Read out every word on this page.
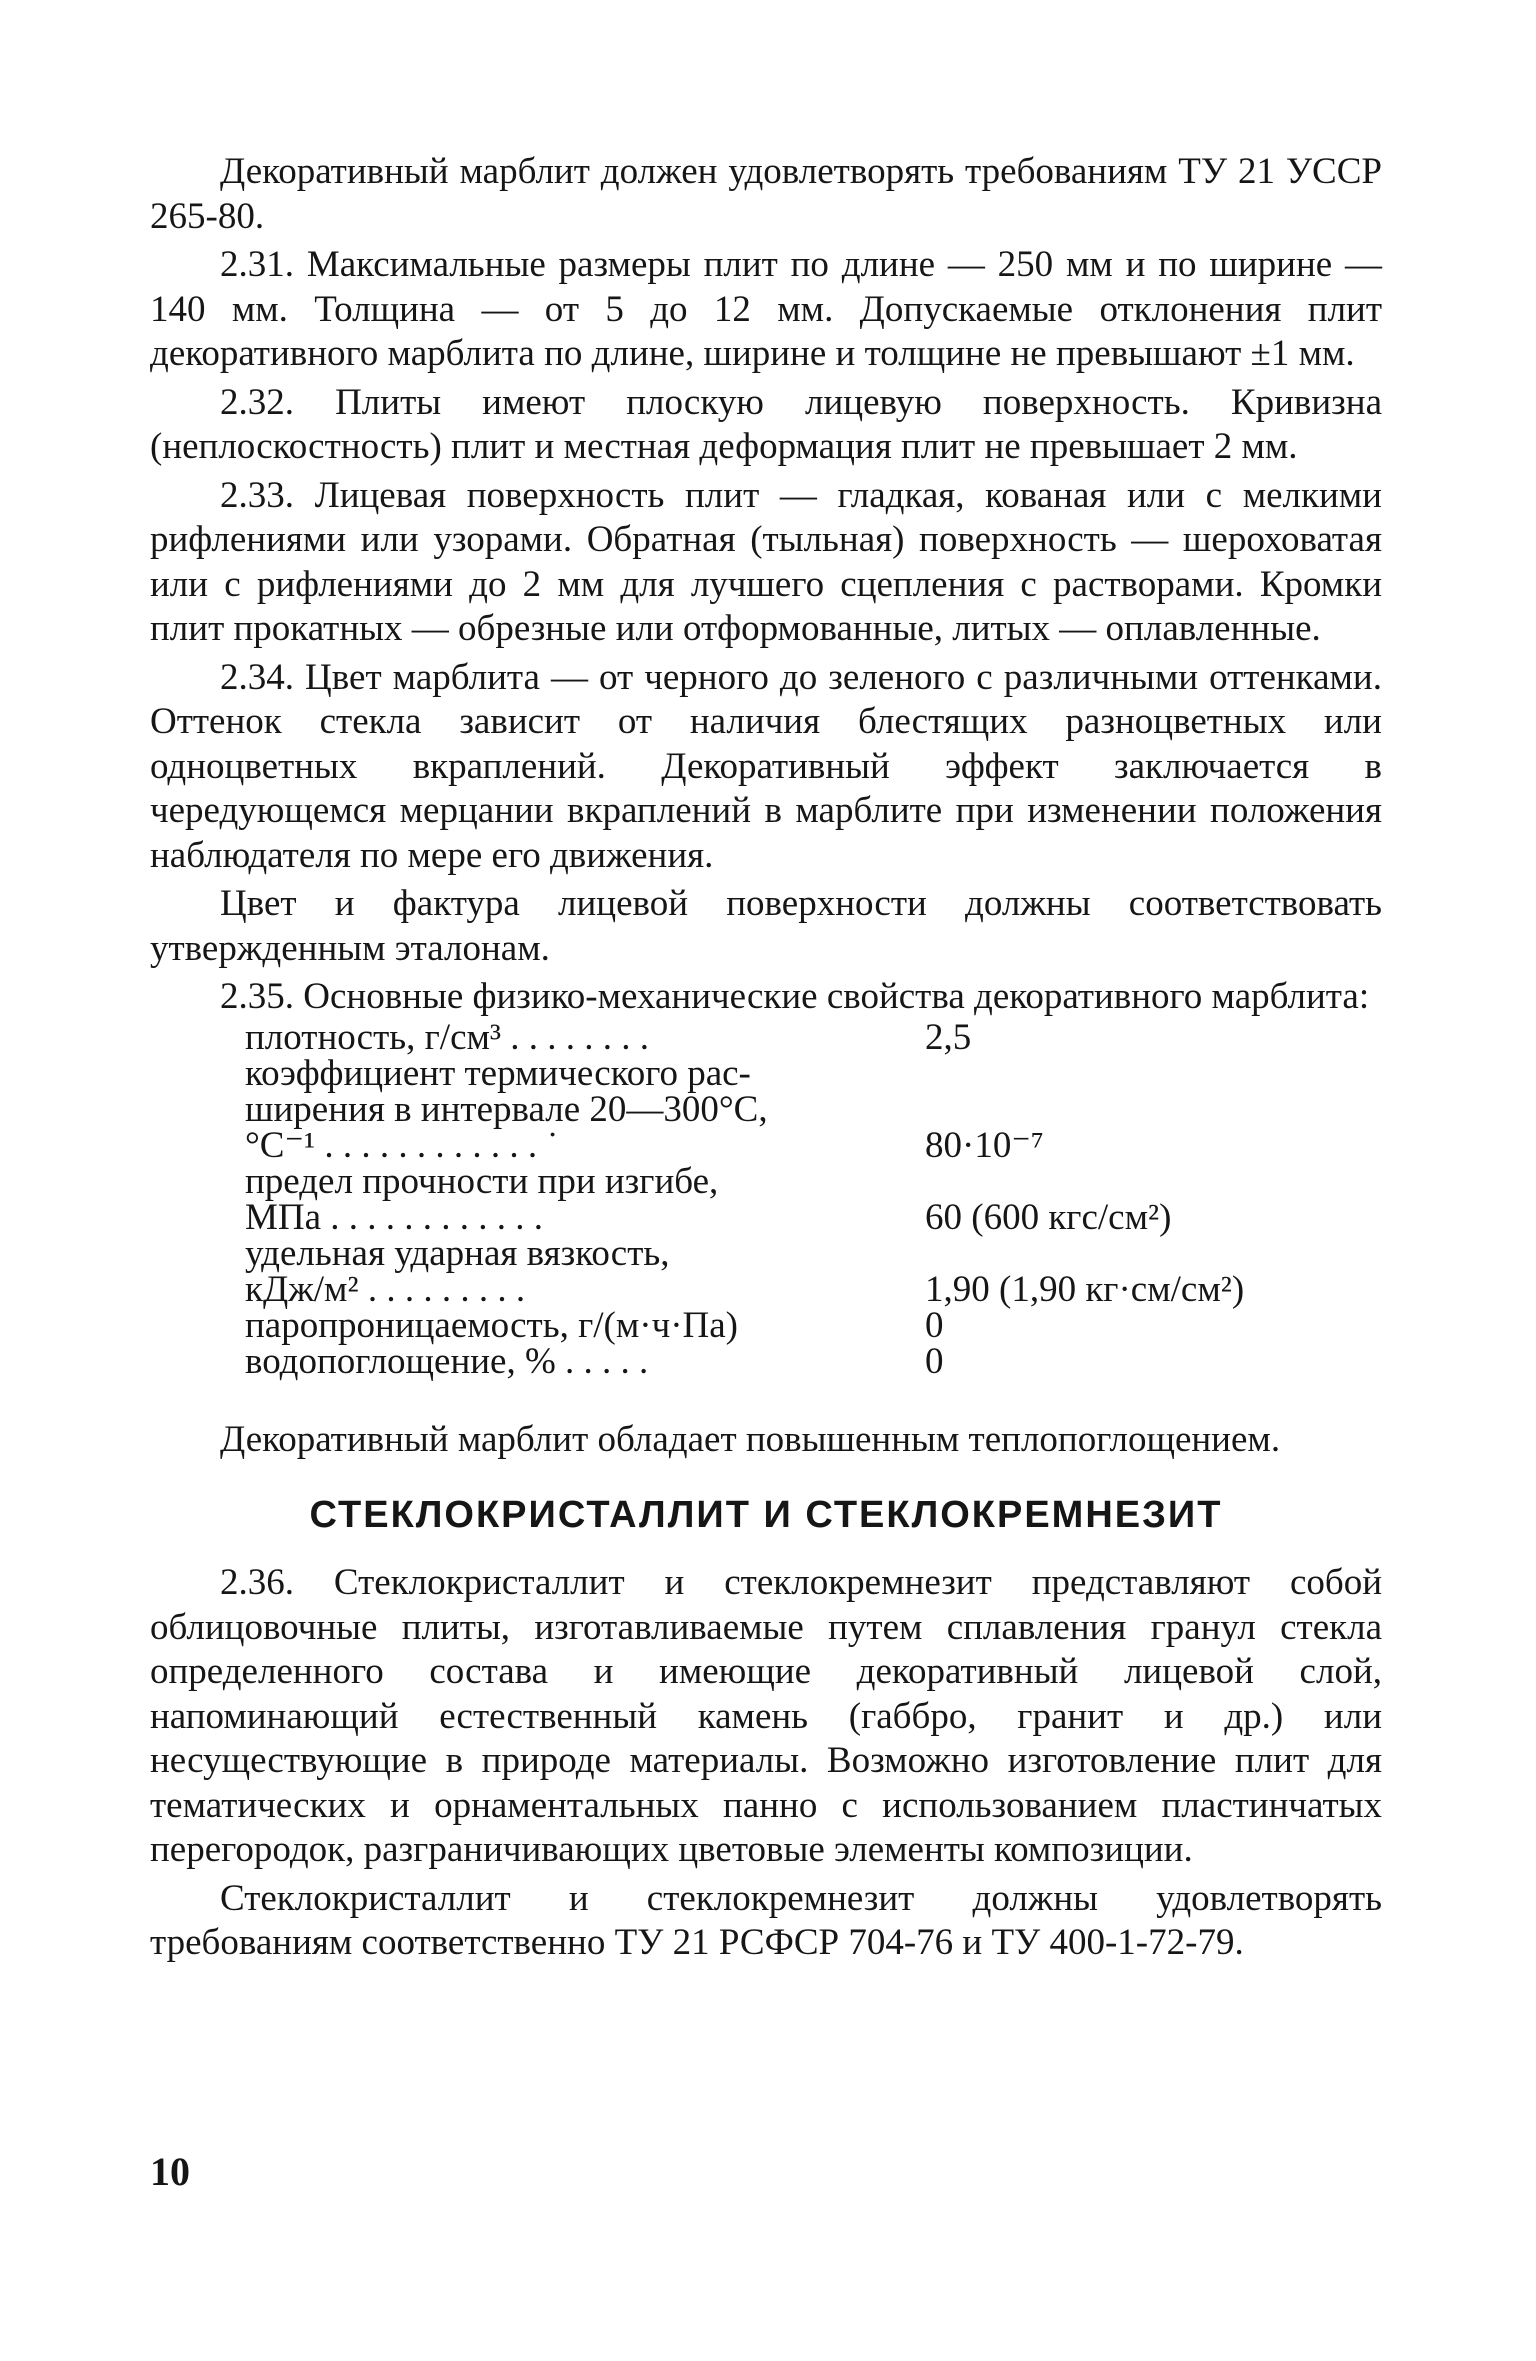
Декоративный марблит должен удовлетворять требованиям ТУ 21 УССР 265-80.

2.31. Максимальные размеры плит по длине — 250 мм и по ширине — 140 мм. Толщина — от 5 до 12 мм. Допускаемые отклонения плит декоративного марблита по длине, ширине и толщине не превышают ±1 мм.

2.32. Плиты имеют плоскую лицевую поверхность. Кривизна (неплоскостность) плит и местная деформация плит не превышает 2 мм.

2.33. Лицевая поверхность плит — гладкая, кованая или с мелкими рифлениями или узорами. Обратная (тыльная) поверхность — шероховатая или с рифлениями до 2 мм для лучшего сцепления с растворами. Кромки плит прокатных — обрезные или отформованные, литых — оплавленные.

2.34. Цвет марблита — от черного до зеленого с различными оттенками. Оттенок стекла зависит от наличия блестящих разноцветных или одноцветных вкраплений. Декоративный эффект заключается в чередующемся мерцании вкраплений в марблите при изменении положения наблюдателя по мере его движения.

Цвет и фактура лицевой поверхности должны соответствовать утвержденным эталонам.

2.35. Основные физико-механические свойства декоративного марблита:

плотность, г/см³ . . . . . . . .	2,5
коэффициент термического рас-
ширения в интервале 20—300°С,
°С⁻¹ . . . . . . . . . . . . ˙	80·10⁻⁷
предел прочности при изгибе,
МПа . . . . . . . . . . . .	60 (600 кгс/см²)
удельная ударная вязкость,
кДж/м² . . . . . . . . .	1,90 (1,90 кг·см/см²)
паропроницаемость, г/(м·ч·Па)	0
водопоглощение, % . . . . .	0

Декоративный марблит обладает повышенным теплопоглощением.

СТЕКЛОКРИСТАЛЛИТ И СТЕКЛОКРЕМНЕЗИТ

2.36. Стеклокристаллит и стеклокремнезит представляют собой облицовочные плиты, изготавливаемые путем сплавления гранул стекла определенного состава и имеющие декоративный лицевой слой, напоминающий естественный камень (габбро, гранит и др.) или несуществующие в природе материалы. Возможно изготовление плит для тематических и орнаментальных панно с использованием пластинчатых перегородок, разграничивающих цветовые элементы композиции.

Стеклокристаллит и стеклокремнезит должны удовлетворять требованиям соответственно ТУ 21 РСФСР 704-76 и ТУ 400-1-72-79.

10
